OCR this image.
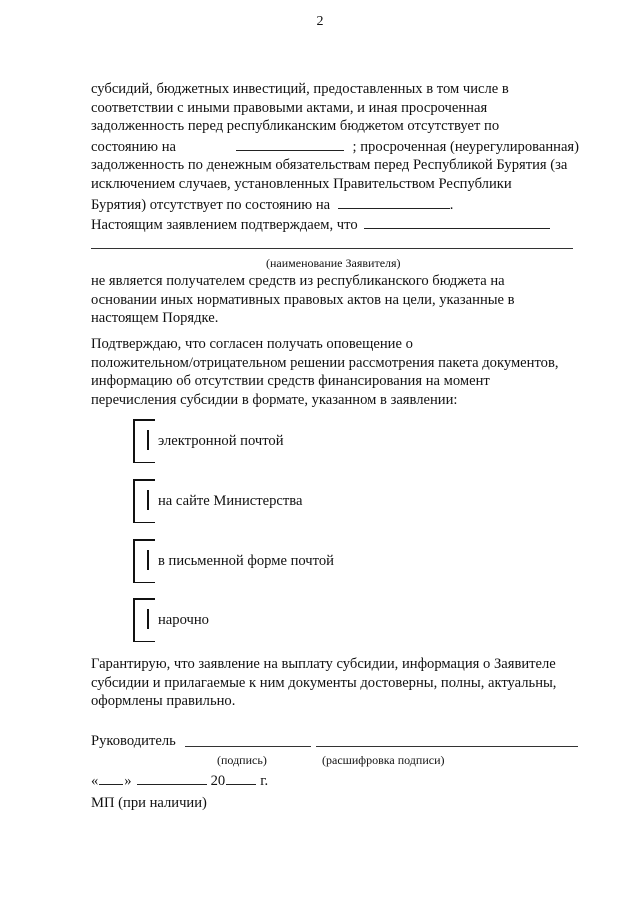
2
субсидий, бюджетных инвестиций, предоставленных в том числе в
соответствии с иными правовыми актами, и иная просроченная
задолженность перед республиканским бюджетом отсутствует по
состоянию на	; просроченная (неурегулированная)
задолженность по денежным обязательствам перед Республикой Бурятия (за
исключением случаев, установленных Правительством Республики
Бурятия) отсутствует по состоянию на	.
Настоящим заявлением подтверждаем, что
(наименование Заявителя)
не является получателем средств из республиканского бюджета на
основании иных нормативных правовых актов на цели, указанные в
настоящем Порядке.
Подтверждаю, что согласен получать оповещение о
положительном/отрицательном решении рассмотрения пакета документов,
информацию об отсутствии средств финансирования на момент
перечисления субсидии в формате, указанном в заявлении:
электронной почтой
на сайте Министерства
в письменной форме почтой
нарочно
Гарантирую, что заявление на выплату субсидии, информация о Заявителе
субсидии и прилагаемые к ним документы достоверны, полны, актуальны,
оформлены правильно.
Руководитель
(подпись)	(расшифровка подписи)
« »	20 г.
МП (при наличии)
